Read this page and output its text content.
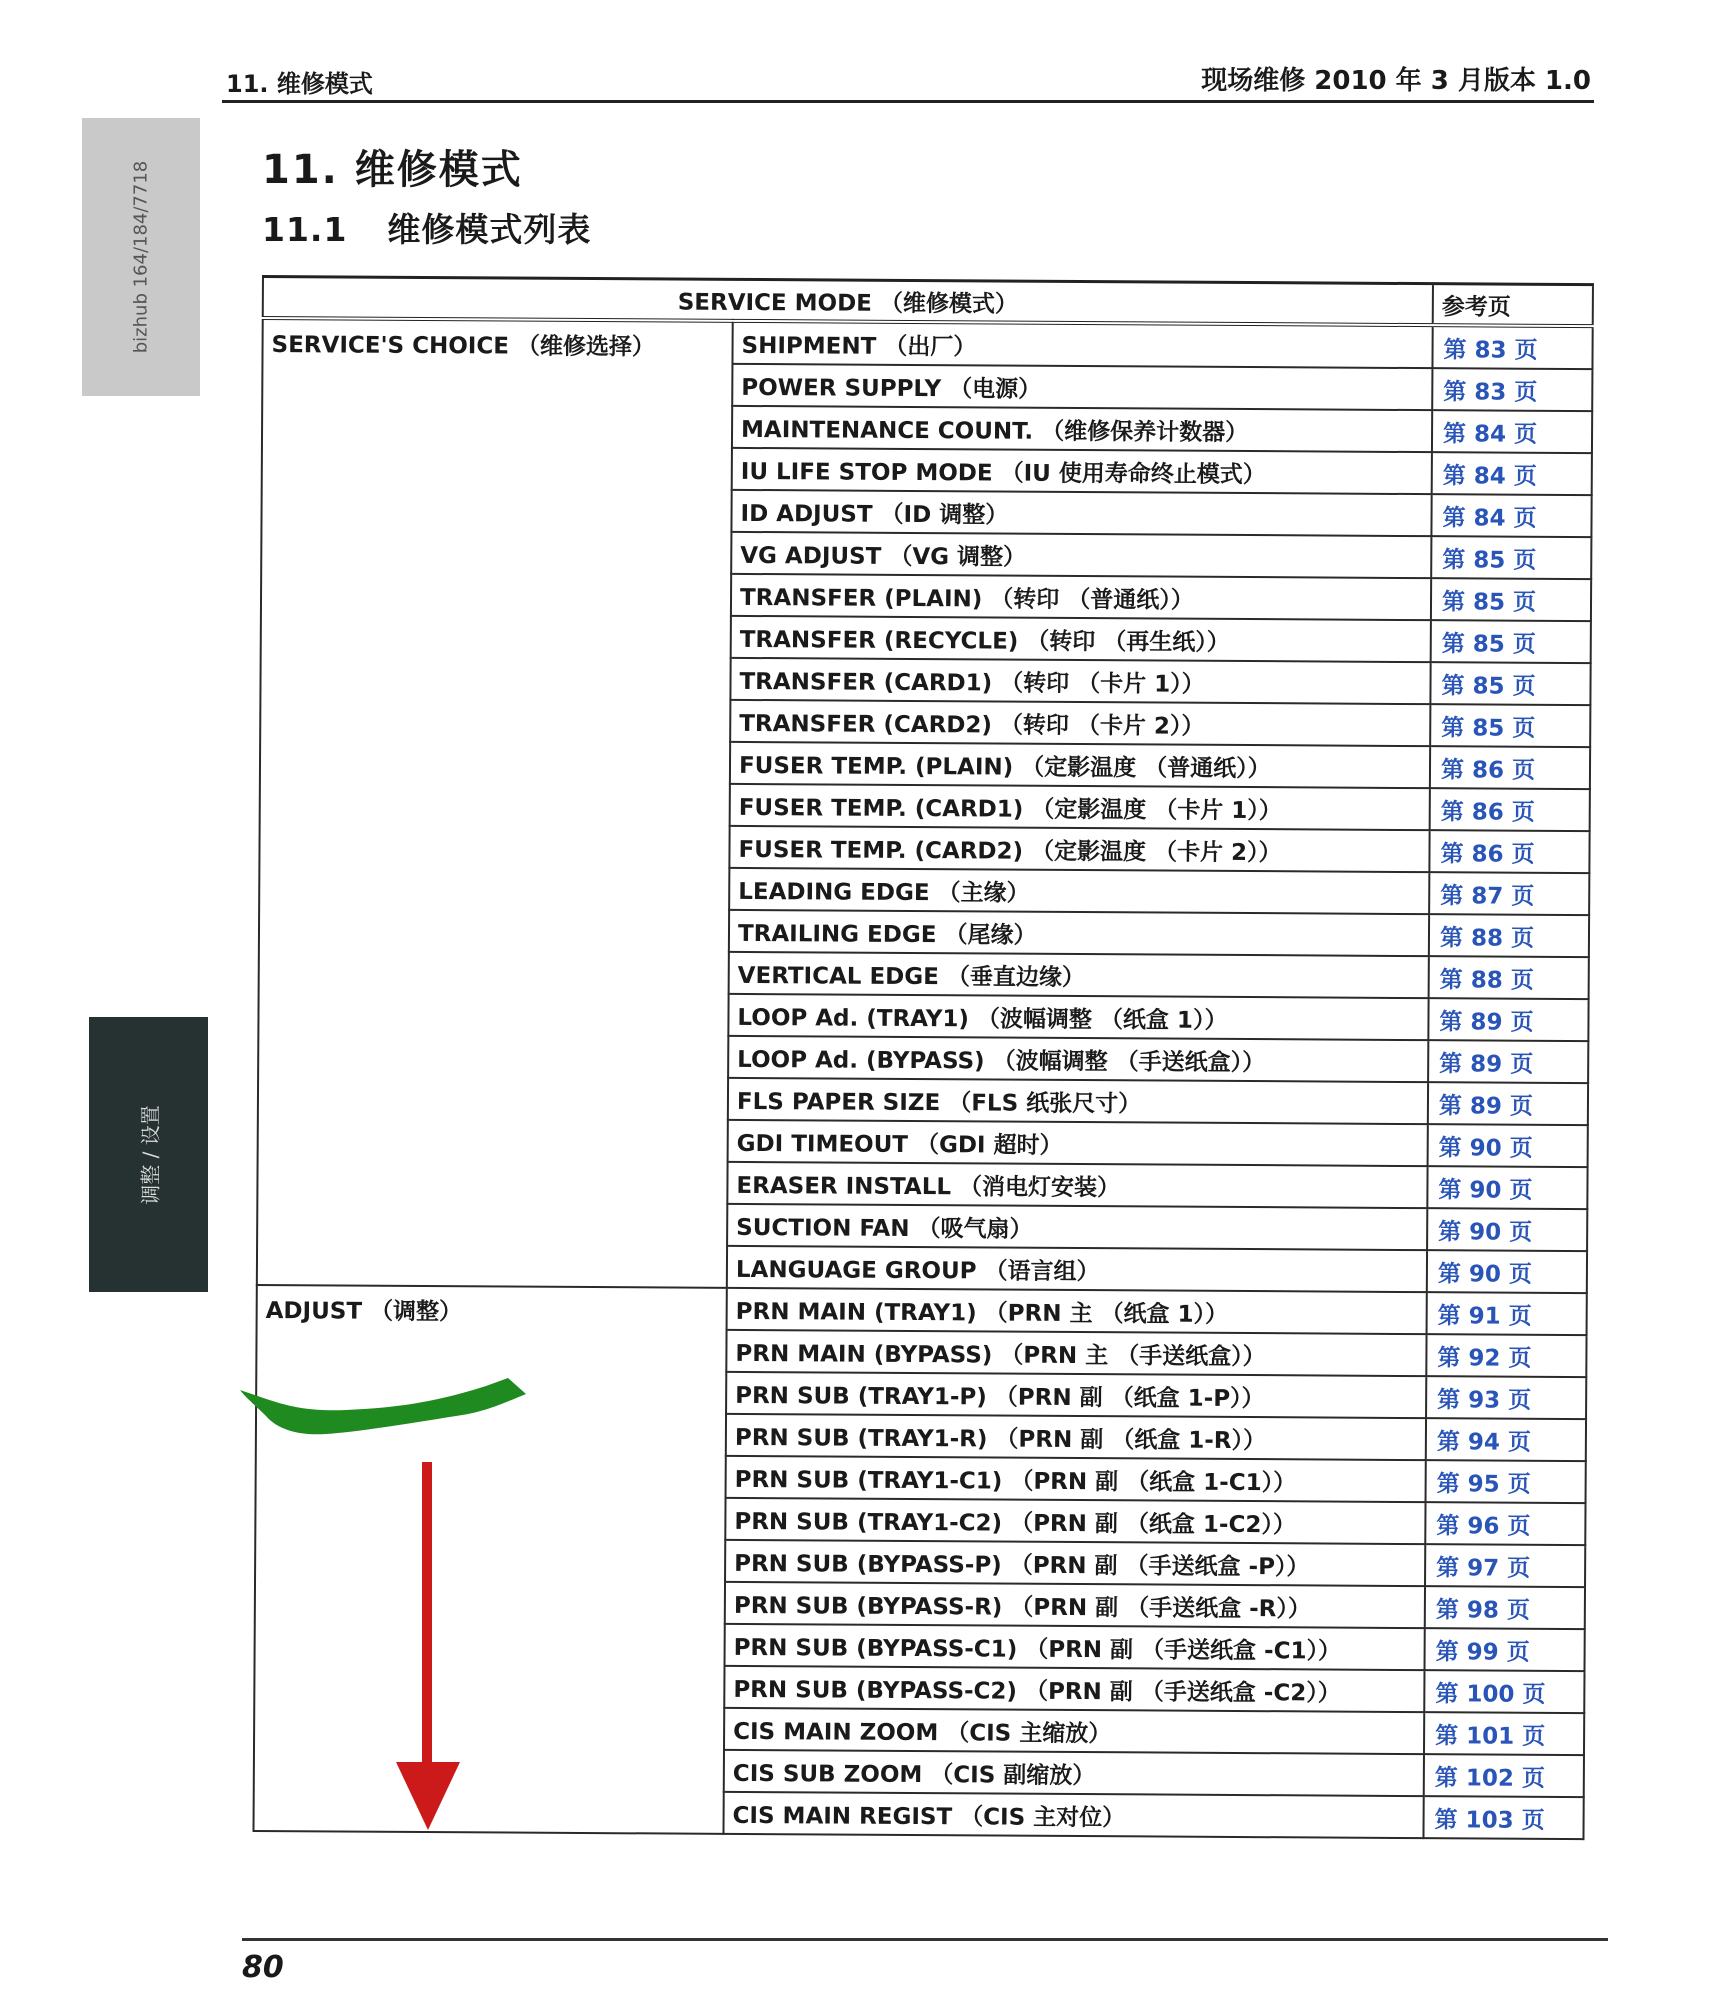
11. 维修模式	现场维修 2010 年 3 月版本 1.0
bizhub 164/184/7718
调整 / 设置
11. 维修模式
11.1 维修模式列表
SERVICE MODE （维修模式）		参考页
SERVICE'S CHOICE （维修选择）	SHIPMENT （出厂）	第 83 页
	POWER SUPPLY （电源）	第 83 页
	MAINTENANCE COUNT. （维修保养计数器）	第 84 页
	IU LIFE STOP MODE （IU 使用寿命终止模式）	第 84 页
	ID ADJUST （ID 调整）	第 84 页
	VG ADJUST （VG 调整）	第 85 页
	TRANSFER (PLAIN) （转印 （普通纸））	第 85 页
	TRANSFER (RECYCLE) （转印 （再生纸））	第 85 页
	TRANSFER (CARD1) （转印 （卡片 1））	第 85 页
	TRANSFER (CARD2) （转印 （卡片 2））	第 85 页
	FUSER TEMP. (PLAIN) （定影温度 （普通纸））	第 86 页
	FUSER TEMP. (CARD1) （定影温度 （卡片 1））	第 86 页
	FUSER TEMP. (CARD2) （定影温度 （卡片 2））	第 86 页
	LEADING EDGE （主缘）	第 87 页
	TRAILING EDGE （尾缘）	第 88 页
	VERTICAL EDGE （垂直边缘）	第 88 页
	LOOP Ad. (TRAY1) （波幅调整 （纸盒 1））	第 89 页
	LOOP Ad. (BYPASS) （波幅调整 （手送纸盒））	第 89 页
	FLS PAPER SIZE （FLS 纸张尺寸）	第 89 页
	GDI TIMEOUT （GDI 超时）	第 90 页
	ERASER INSTALL （消电灯安装）	第 90 页
	SUCTION FAN （吸气扇）	第 90 页
	LANGUAGE GROUP （语言组）	第 90 页
ADJUST （调整）	PRN MAIN (TRAY1) （PRN 主 （纸盒 1））	第 91 页
	PRN MAIN (BYPASS) （PRN 主 （手送纸盒））	第 92 页
	PRN SUB (TRAY1-P) （PRN 副 （纸盒 1-P））	第 93 页
	PRN SUB (TRAY1-R) （PRN 副 （纸盒 1-R））	第 94 页
	PRN SUB (TRAY1-C1) （PRN 副 （纸盒 1-C1））	第 95 页
	PRN SUB (TRAY1-C2) （PRN 副 （纸盒 1-C2））	第 96 页
	PRN SUB (BYPASS-P) （PRN 副 （手送纸盒 -P））	第 97 页
	PRN SUB (BYPASS-R) （PRN 副 （手送纸盒 -R））	第 98 页
	PRN SUB (BYPASS-C1) （PRN 副 （手送纸盒 -C1））	第 99 页
	PRN SUB (BYPASS-C2) （PRN 副 （手送纸盒 -C2））	第 100 页
	CIS MAIN ZOOM （CIS 主缩放）	第 101 页
	CIS SUB ZOOM （CIS 副缩放）	第 102 页
	CIS MAIN REGIST （CIS 主对位）	第 103 页
80
